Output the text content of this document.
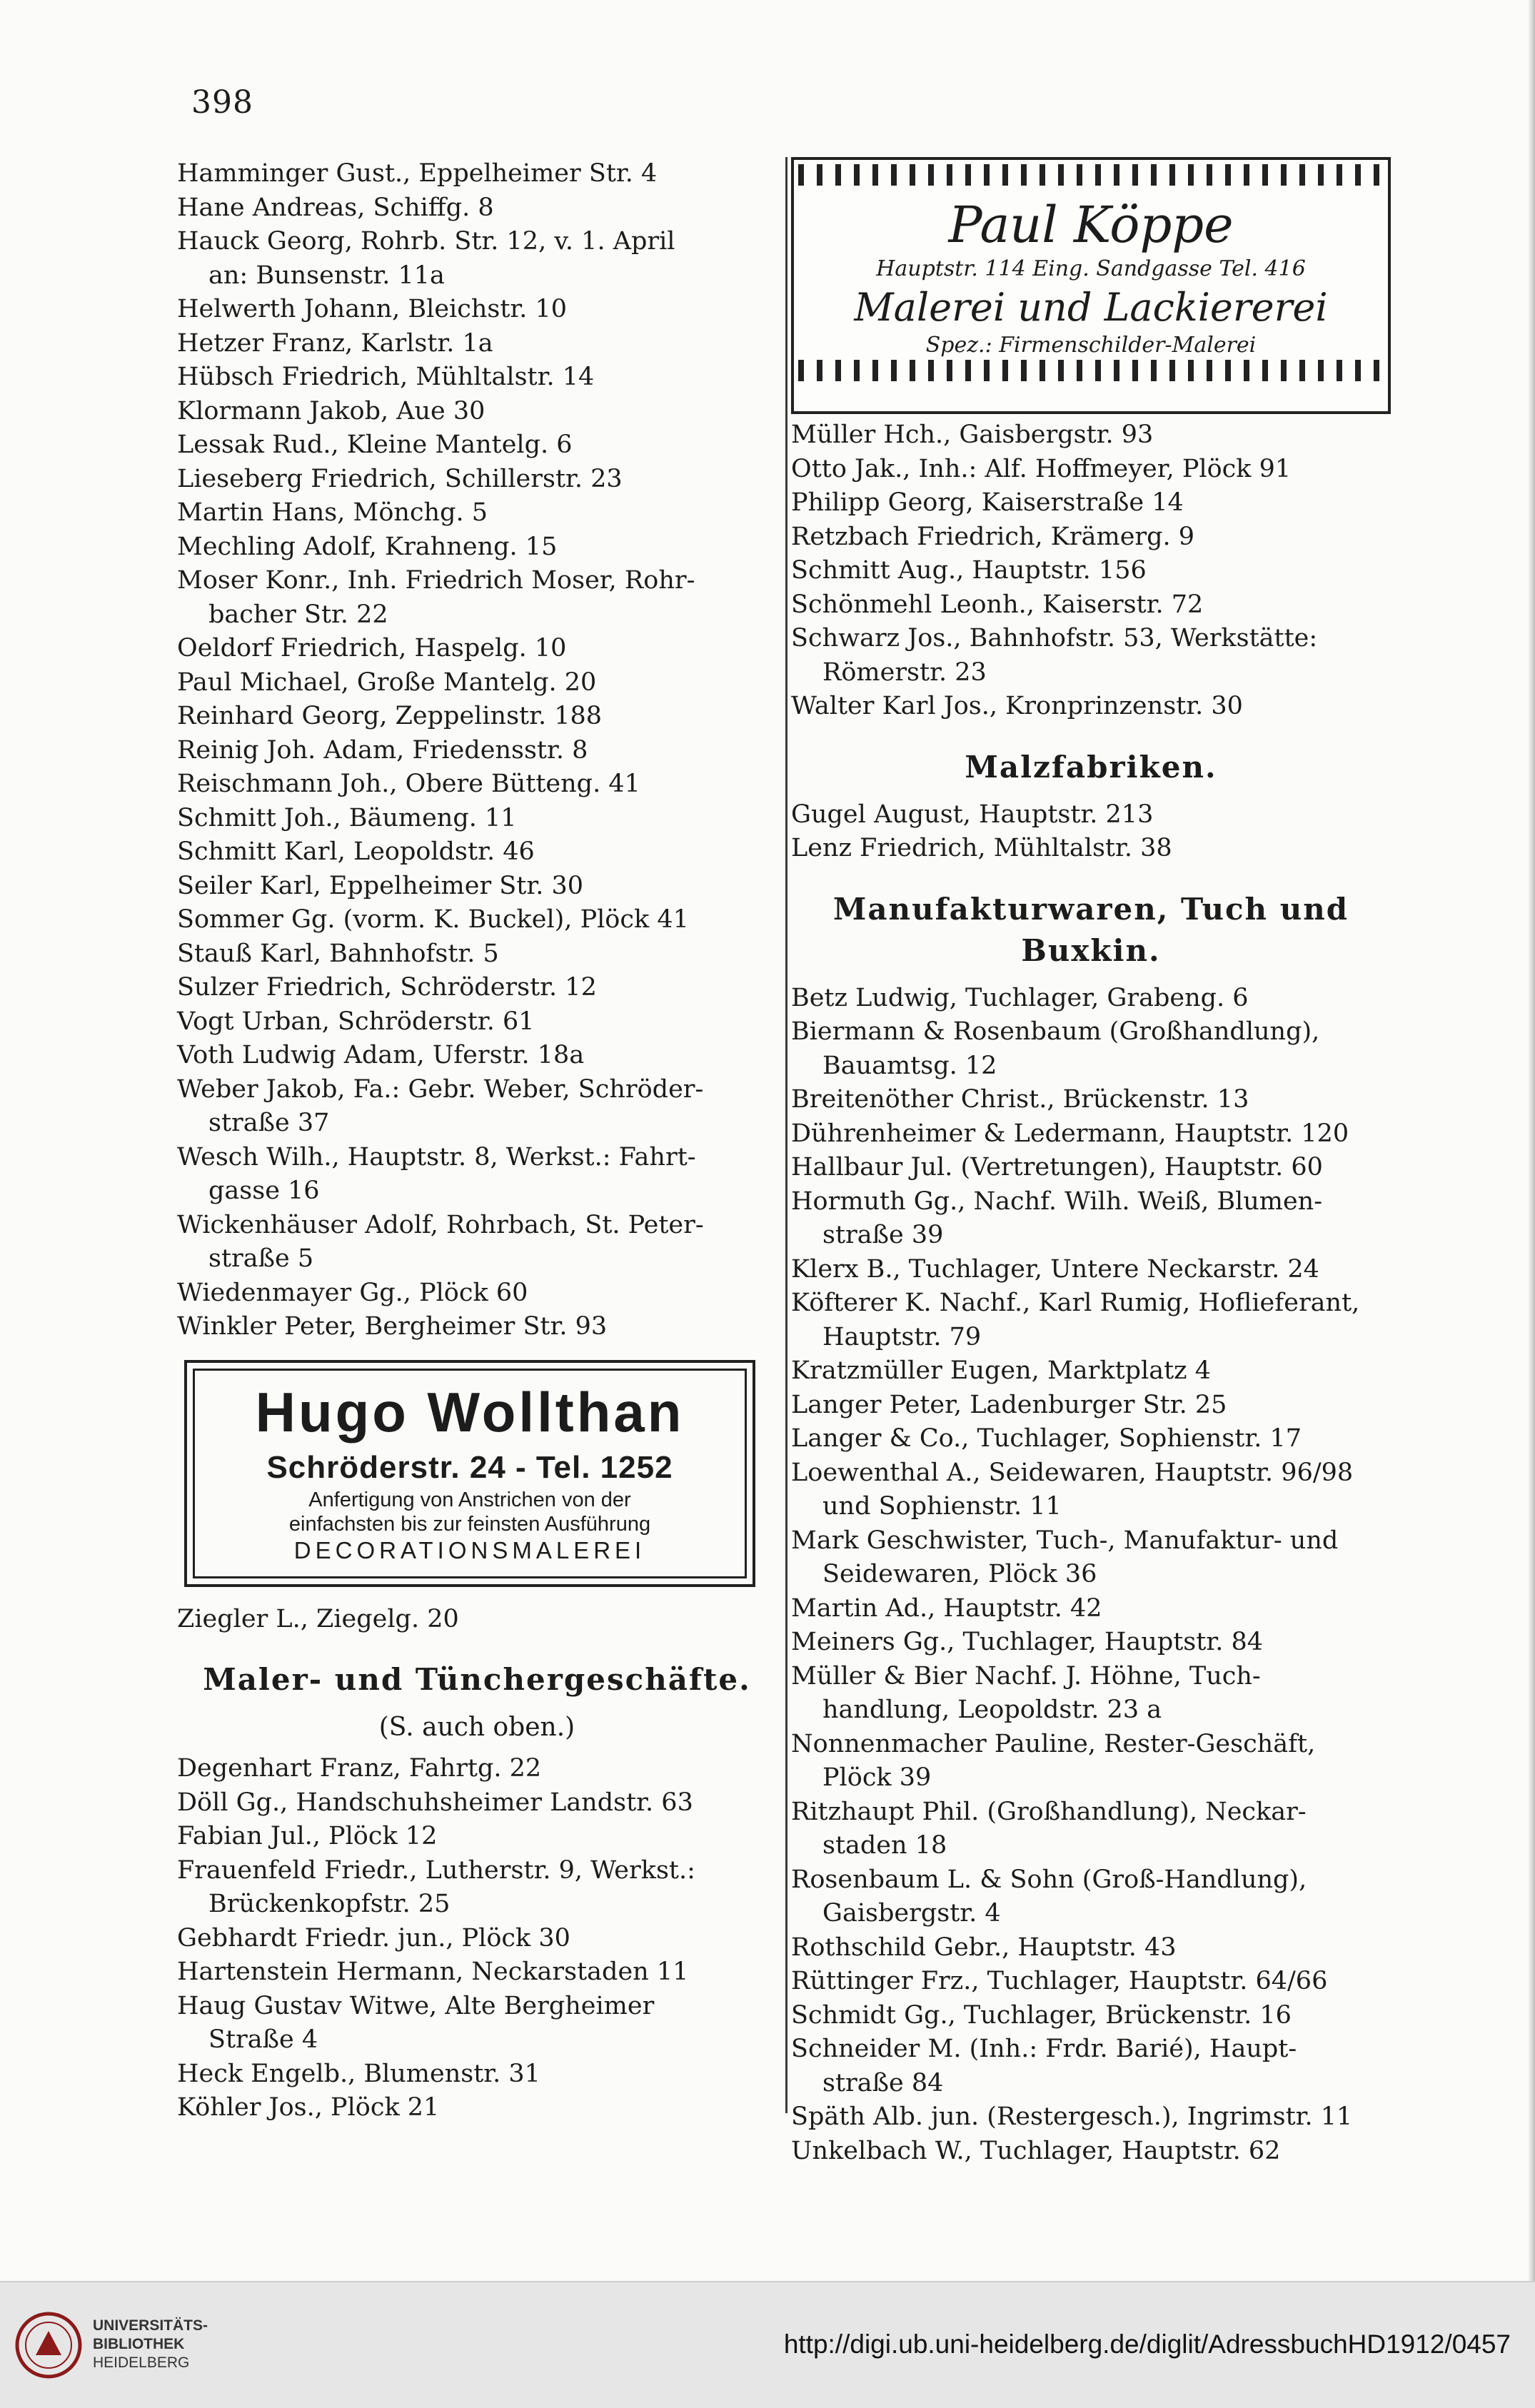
398
Hamminger Gust., Eppelheimer Str. 4
Hane Andreas, Schiffg. 8
Hauck Georg, Rohrb. Str. 12, v. 1. April
an: Bunsenstr. 11a
Helwerth Johann, Bleichstr. 10
Hetzer Franz, Karlstr. 1a
Hübsch Friedrich, Mühltalstr. 14
Klormann Jakob, Aue 30
Lessak Rud., Kleine Mantelg. 6
Lieseberg Friedrich, Schillerstr. 23
Martin Hans, Mönchg. 5
Mechling Adolf, Krahneng. 15
Moser Konr., Inh. Friedrich Moser, Rohr-
bacher Str. 22
Oeldorf Friedrich, Haspelg. 10
Paul Michael, Große Mantelg. 20
Reinhard Georg, Zeppelinstr. 188
Reinig Joh. Adam, Friedensstr. 8
Reischmann Joh., Obere Bütteng. 41
Schmitt Joh., Bäumeng. 11
Schmitt Karl, Leopoldstr. 46
Seiler Karl, Eppelheimer Str. 30
Sommer Gg. (vorm. K. Buckel), Plöck 41
Stauß Karl, Bahnhofstr. 5
Sulzer Friedrich, Schröderstr. 12
Vogt Urban, Schröderstr. 61
Voth Ludwig Adam, Uferstr. 18a
Weber Jakob, Fa.: Gebr. Weber, Schröder-
straße 37
Wesch Wilh., Hauptstr. 8, Werkst.: Fahrt-
gasse 16
Wickenhäuser Adolf, Rohrbach, St. Peter-
straße 5
Wiedenmayer Gg., Plöck 60
Winkler Peter, Bergheimer Str. 93
Hugo Wollthan
Schröderstr. 24 - Tel. 1252
Anfertigung von Anstrichen von der
einfachsten bis zur feinsten Ausführung
DECORATIONSMALEREI
Ziegler L., Ziegelg. 20
Maler- und Tünchergeschäfte.
(S. auch oben.)
Degenhart Franz, Fahrtg. 22
Döll Gg., Handschuhsheimer Landstr. 63
Fabian Jul., Plöck 12
Frauenfeld Friedr., Lutherstr. 9, Werkst.:
Brückenkopfstr. 25
Gebhardt Friedr. jun., Plöck 30
Hartenstein Hermann, Neckarstaden 11
Haug Gustav Witwe, Alte Bergheimer
Straße 4
Heck Engelb., Blumenstr. 31
Köhler Jos., Plöck 21
Paul Köppe
Hauptstr. 114 Eing. Sandgasse Tel. 416
Malerei und Lackiererei
Spez.: Firmenschilder-Malerei
Müller Hch., Gaisbergstr. 93
Otto Jak., Inh.: Alf. Hoffmeyer, Plöck 91
Philipp Georg, Kaiserstraße 14
Retzbach Friedrich, Krämerg. 9
Schmitt Aug., Hauptstr. 156
Schönmehl Leonh., Kaiserstr. 72
Schwarz Jos., Bahnhofstr. 53, Werkstätte:
Römerstr. 23
Walter Karl Jos., Kronprinzenstr. 30
Malzfabriken.
Gugel August, Hauptstr. 213
Lenz Friedrich, Mühltalstr. 38
Manufakturwaren, Tuch und
Buxkin.
Betz Ludwig, Tuchlager, Grabeng. 6
Biermann & Rosenbaum (Großhandlung),
Bauamtsg. 12
Breitenöther Christ., Brückenstr. 13
Dührenheimer & Ledermann, Hauptstr. 120
Hallbaur Jul. (Vertretungen), Hauptstr. 60
Hormuth Gg., Nachf. Wilh. Weiß, Blumen-
straße 39
Klerx B., Tuchlager, Untere Neckarstr. 24
Köfterer K. Nachf., Karl Rumig, Hoflieferant,
Hauptstr. 79
Kratzmüller Eugen, Marktplatz 4
Langer Peter, Ladenburger Str. 25
Langer & Co., Tuchlager, Sophienstr. 17
Loewenthal A., Seidewaren, Hauptstr. 96/98
und Sophienstr. 11
Mark Geschwister, Tuch-, Manufaktur- und
Seidewaren, Plöck 36
Martin Ad., Hauptstr. 42
Meiners Gg., Tuchlager, Hauptstr. 84
Müller & Bier Nachf. J. Höhne, Tuch-
handlung, Leopoldstr. 23 a
Nonnenmacher Pauline, Rester-Geschäft,
Plöck 39
Ritzhaupt Phil. (Großhandlung), Neckar-
staden 18
Rosenbaum L. & Sohn (Groß-Handlung),
Gaisbergstr. 4
Rothschild Gebr., Hauptstr. 43
Rüttinger Frz., Tuchlager, Hauptstr. 64/66
Schmidt Gg., Tuchlager, Brückenstr. 16
Schneider M. (Inh.: Frdr. Barié), Haupt-
straße 84
Späth Alb. jun. (Restergesch.), Ingrimstr. 11
Unkelbach W., Tuchlager, Hauptstr. 62
UNIVERSITÄTS-
BIBLIOTHEK
HEIDELBERG
http://digi.ub.uni-heidelberg.de/diglit/AdressbuchHD1912/0457
